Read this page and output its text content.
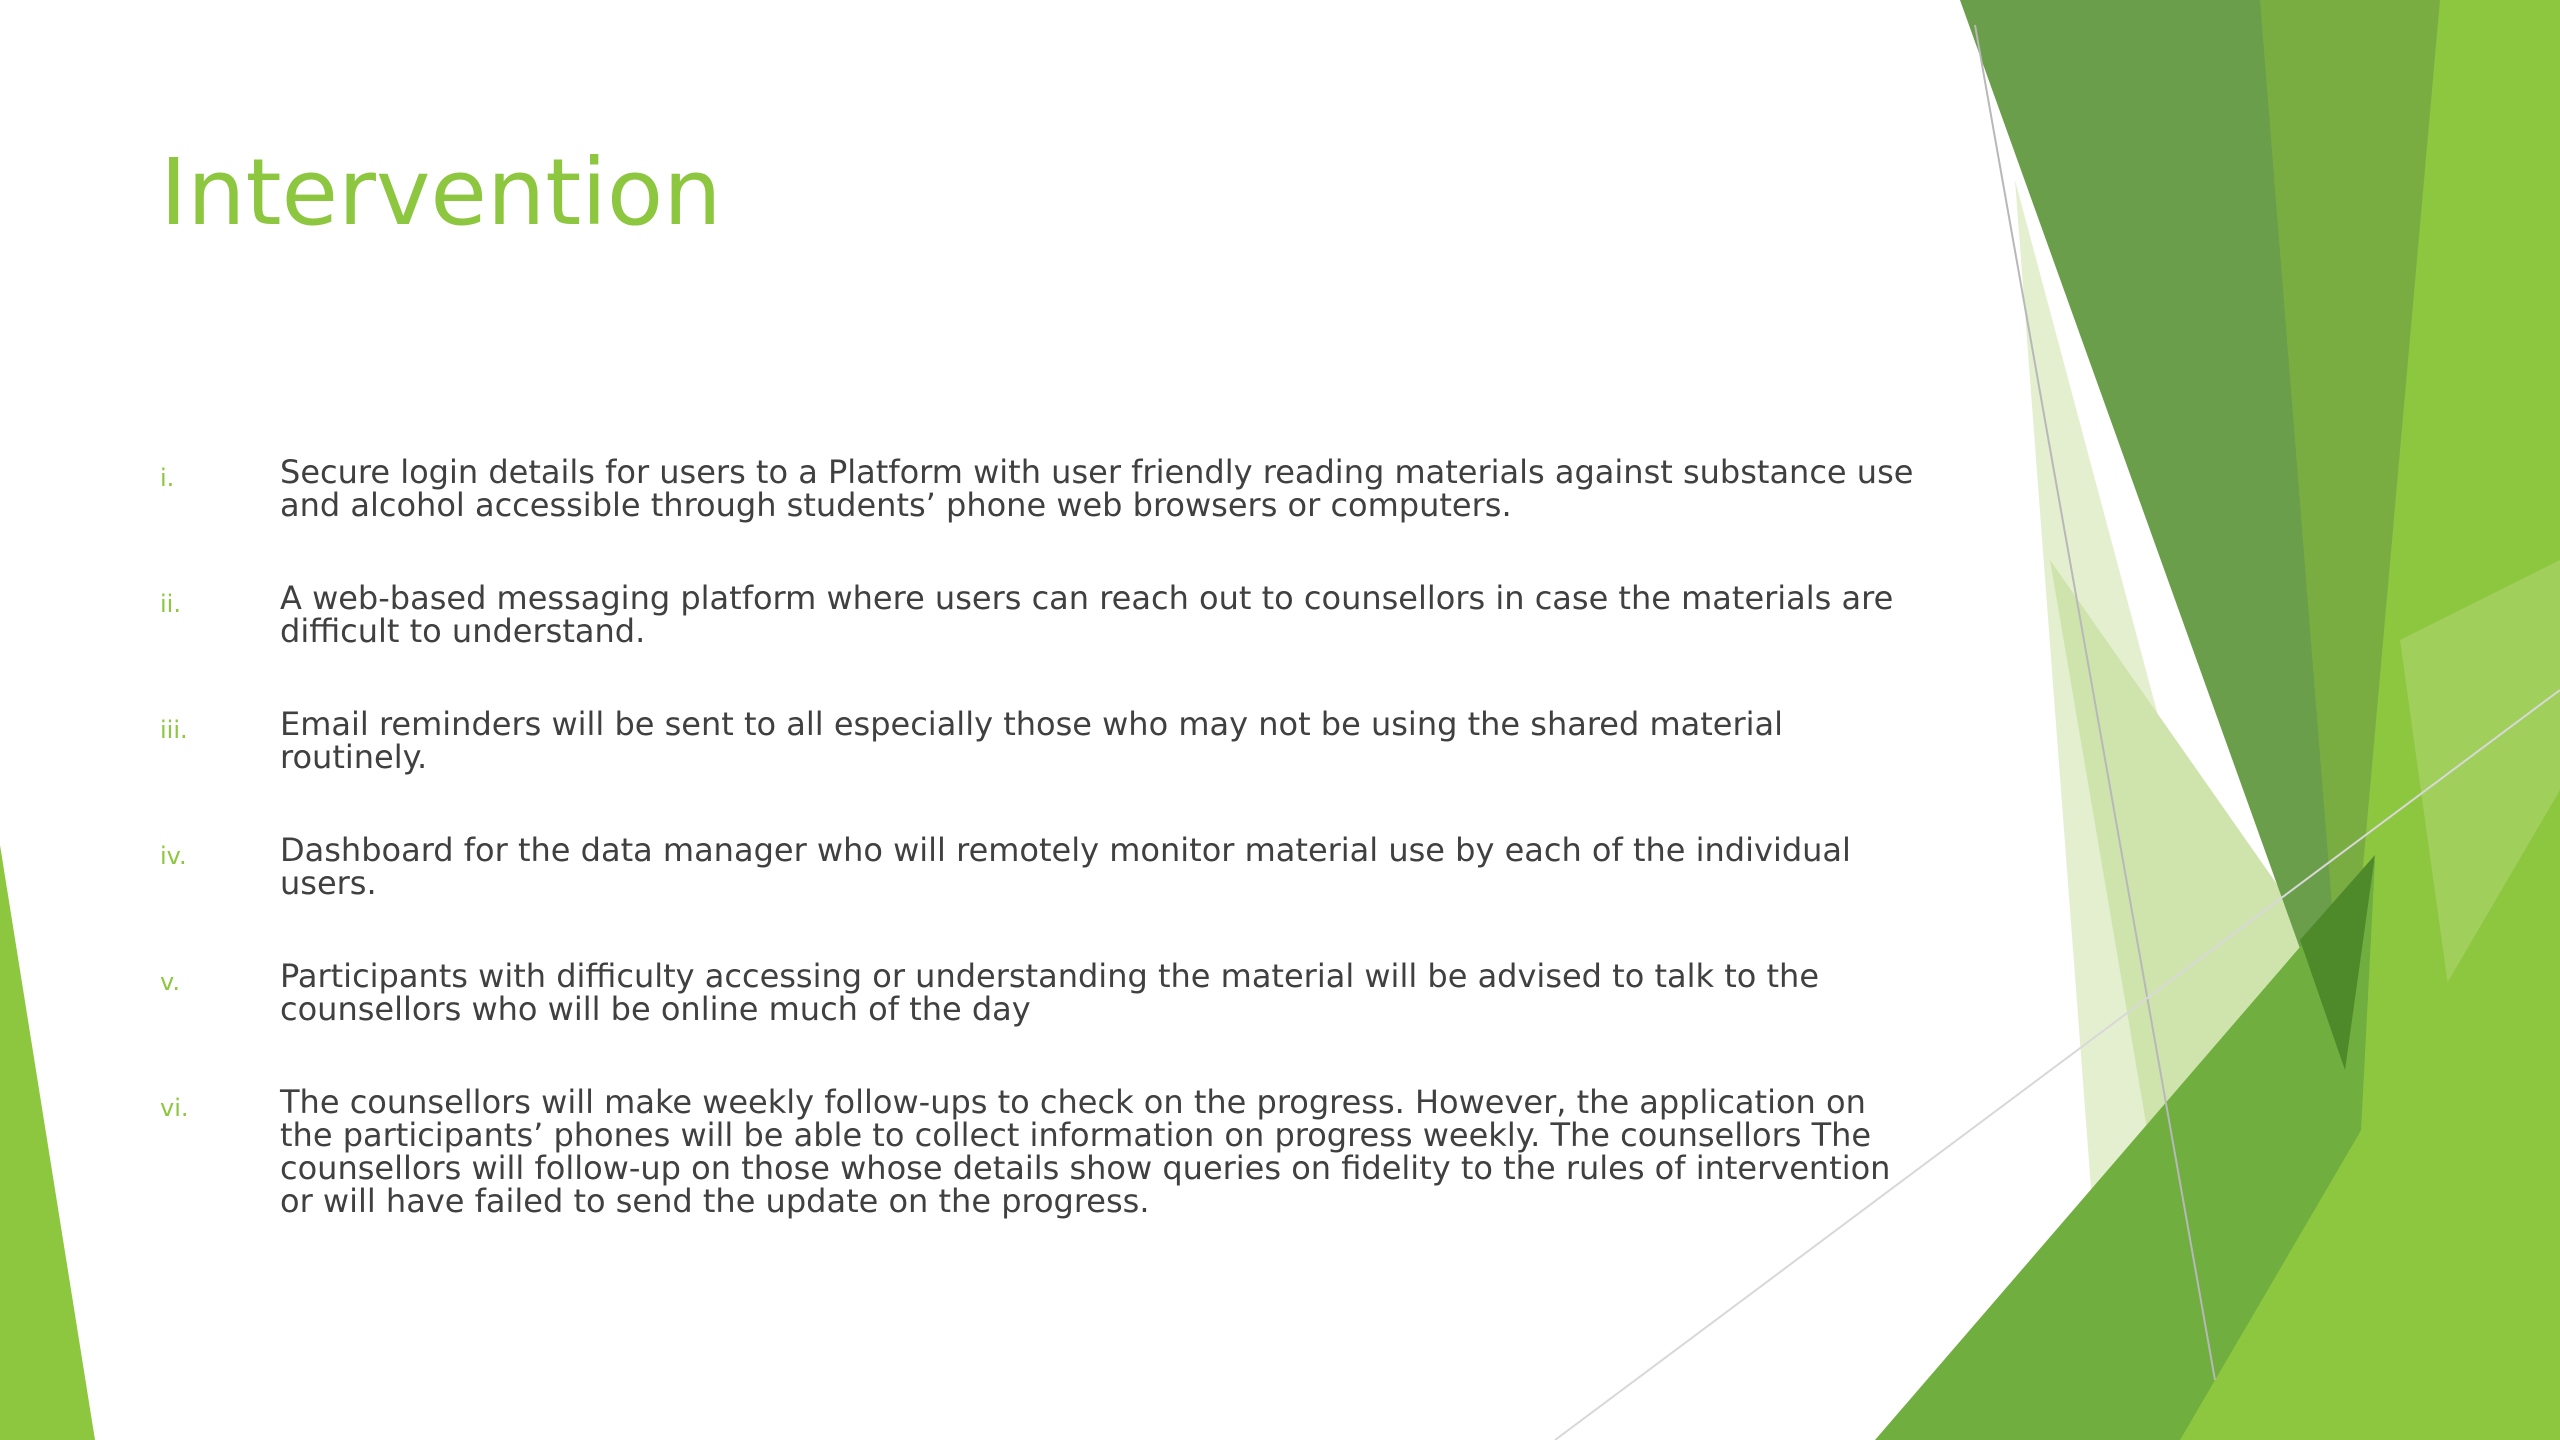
Intervention
i.	Secure login details for users to a Platform with user friendly reading materials against substance use and alcohol accessible through students’ phone web browsers or computers.
ii.	A web-based messaging platform where users can reach out to counsellors in case the materials are difficult to understand.
iii.	Email reminders will be sent to all especially those who may not be using the shared material routinely.
iv.	Dashboard for the data manager who will remotely monitor material use by each of the individual users.
v.	Participants with difficulty accessing or understanding the material will be advised to talk to the counsellors who will be online much of the day
vi.	The counsellors will make weekly follow-ups to check on the progress. However, the application on the participants’ phones will be able to collect information on progress weekly. The counsellors The counsellors will follow-up on those whose details show queries on fidelity to the rules of intervention or will have failed to send the update on the progress.
